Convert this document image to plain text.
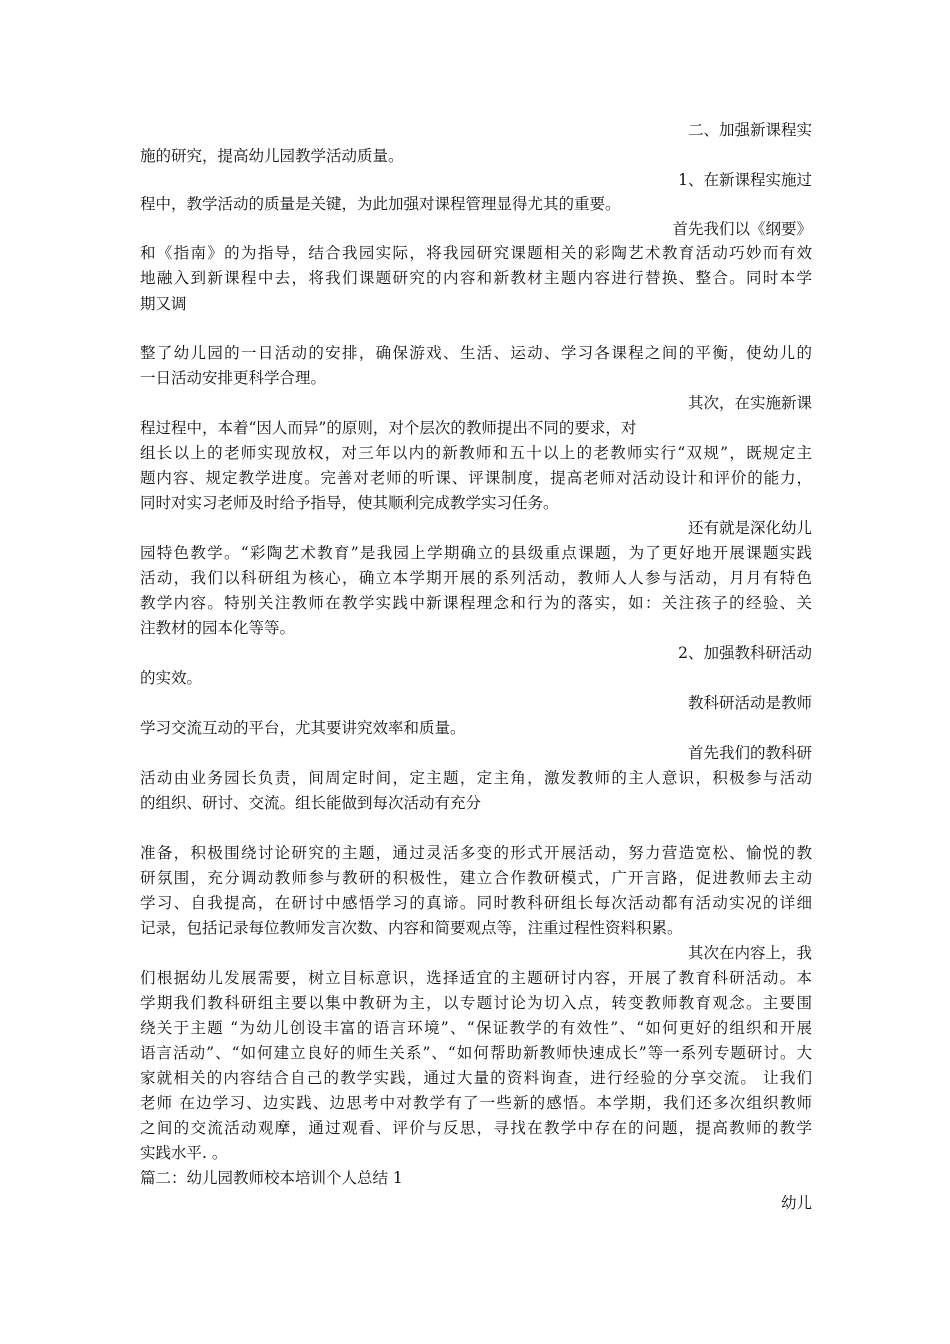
二、加强新课程实
施的研究，提高幼儿园教学活动质量。
1、在新课程实施过
程中，教学活动的质量是关键，为此加强对课程管理显得尤其的重要。
首先我们以《纲要》
和《指南》的为指导，结合我园实际，将我园研究课题相关的彩陶艺术教育活动巧妙而有效
地融入到新课程中去，将我们课题研究的内容和新教材主题内容进行替换、整合。同时本学
期又调
整了幼儿园的一日活动的安排，确保游戏、生活、运动、学习各课程之间的平衡，使幼儿的
一日活动安排更科学合理。
其次，在实施新课
程过程中，本着“因人而异”的原则，对个层次的教师提出不同的要求，对
组长以上的老师实现放权，对三年以内的新教师和五十以上的老教师实行“双规”，既规定主
题内容、规定教学进度。完善对老师的听课、评课制度，提高老师对活动设计和评价的能力，
同时对实习老师及时给予指导，使其顺利完成教学实习任务。
还有就是深化幼儿
园特色教学。“彩陶艺术教育”是我园上学期确立的县级重点课题，为了更好地开展课题实践
活动，我们以科研组为核心，确立本学期开展的系列活动，教师人人参与活动，月月有特色
教学内容。特别关注教师在教学实践中新课程理念和行为的落实，如：关注孩子的经验、关
注教材的园本化等等。
2、加强教科研活动
的实效。
教科研活动是教师
学习交流互动的平台，尤其要讲究效率和质量。
首先我们的教科研
活动由业务园长负责，间周定时间，定主题，定主角，激发教师的主人意识，积极参与活动
的组织、研讨、交流。组长能做到每次活动有充分
准备，积极围绕讨论研究的主题，通过灵活多变的形式开展活动，努力营造宽松、愉悦的教
研氛围，充分调动教师参与教研的积极性，建立合作教研模式，广开言路，促进教师去主动
学习、自我提高，在研讨中感悟学习的真谛。同时教科研组长每次活动都有活动实况的详细
记录，包括记录每位教师发言次数、内容和简要观点等，注重过程性资料积累。
其次在内容上，我
们根据幼儿发展需要，树立目标意识，选择适宜的主题研讨内容，开展了教育科研活动。本
学期我们教科研组主要以集中教研为主，以专题讨论为切入点，转变教师教育观念。主要围
绕关于主题 “为幼儿创设丰富的语言环境”、“保证教学的有效性”、“如何更好的组织和开展
语言活动”、“如何建立良好的师生关系”、“如何帮助新教师快速成长”等一系列专题研讨。大
家就相关的内容结合自己的教学实践，通过大量的资料询查，进行经验的分享交流。 让我们
老师 在边学习、边实践、边思考中对教学有了一些新的感悟。本学期，我们还多次组织教师
之间的交流活动观摩，通过观看、评价与反思，寻找在教学中存在的问题，提高教师的教学
实践水平. 。
篇二：幼儿园教师校本培训个人总结 1
幼儿
